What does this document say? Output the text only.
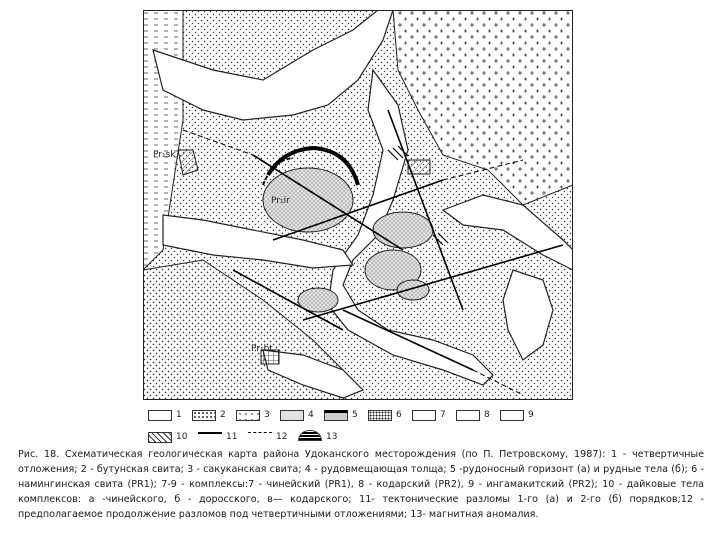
Pr₁sk
Pr₁ir
Pr₁bt
1	2	3	4	5	6	7	8	9
10	11	12	13

Рис. 18. Схематическая геологическая карта района Удоканского месторождения (по П. Петровскому, 1987): 1 - четвертичные отложения; 2 - бутунская свита; 3 - сакуканская свита; 4 - рудовмещающая толща; 5 -рудоносный горизонт (а) и рудные тела (б); 6 - намингинская свита (PR1); 7-9 - комплексы:7 - чинейский (PR1), 8 - кодарский (PR2), 9 - ингамакитский (PR2); 10 - дайковые тела комплексов: а -чинейского, б - дороcского, в— кодарского; 11- тектонические разломы 1-го (а) и 2-го (б) порядков;12 - предполагаемое продолжение разломов под четвертичными отложениями; 13- магнитная аномалия.
